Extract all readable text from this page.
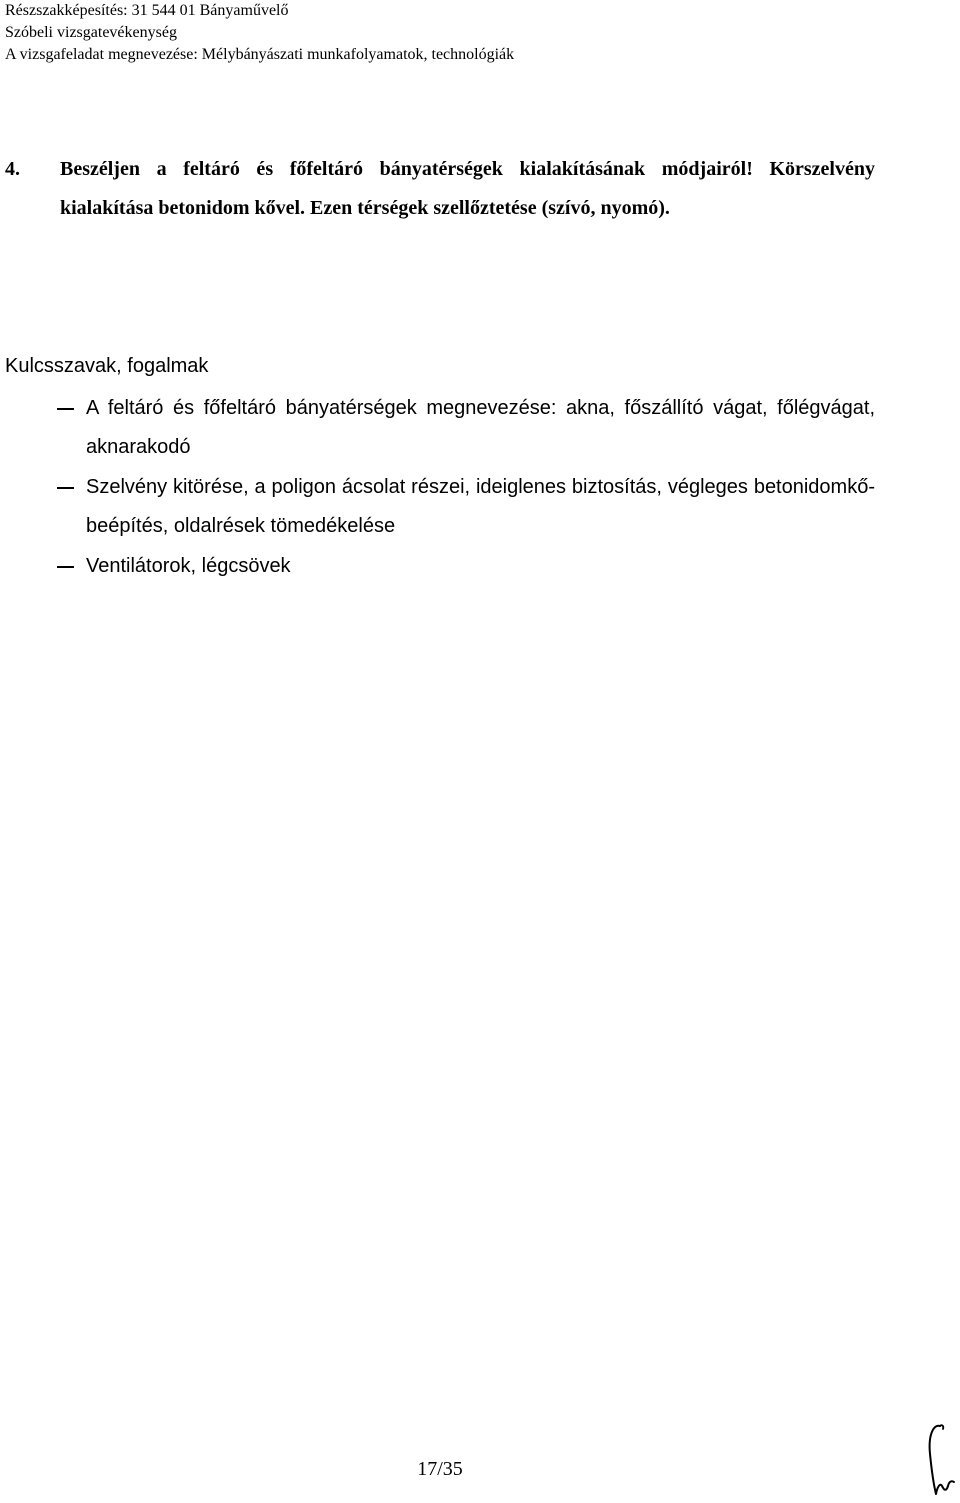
Részszakképesítés: 31 544 01 Bányaművelő
Szóbeli vizsgatevékenység
A vizsgafeladat megnevezése: Mélybányászati munkafolyamatok, technológiák
4. Beszéljen a feltáró és főfeltáró bányatérségek kialakításának módjairól! Körszelvény kialakítása betonidom kővel. Ezen térségek szellőztetése (szívó, nyomó).
Kulcsszavak, fogalmak
A feltáró és főfeltáró bányatérségek megnevezése: akna, főszállító vágat, főlégvágat, aknarakodó
Szelvény kitörése, a poligon ácsolat részei, ideiglenes biztosítás, végleges betonidomkő-beépítés, oldalrések tömedékelése
Ventilátorok, légcsövek
17/35
